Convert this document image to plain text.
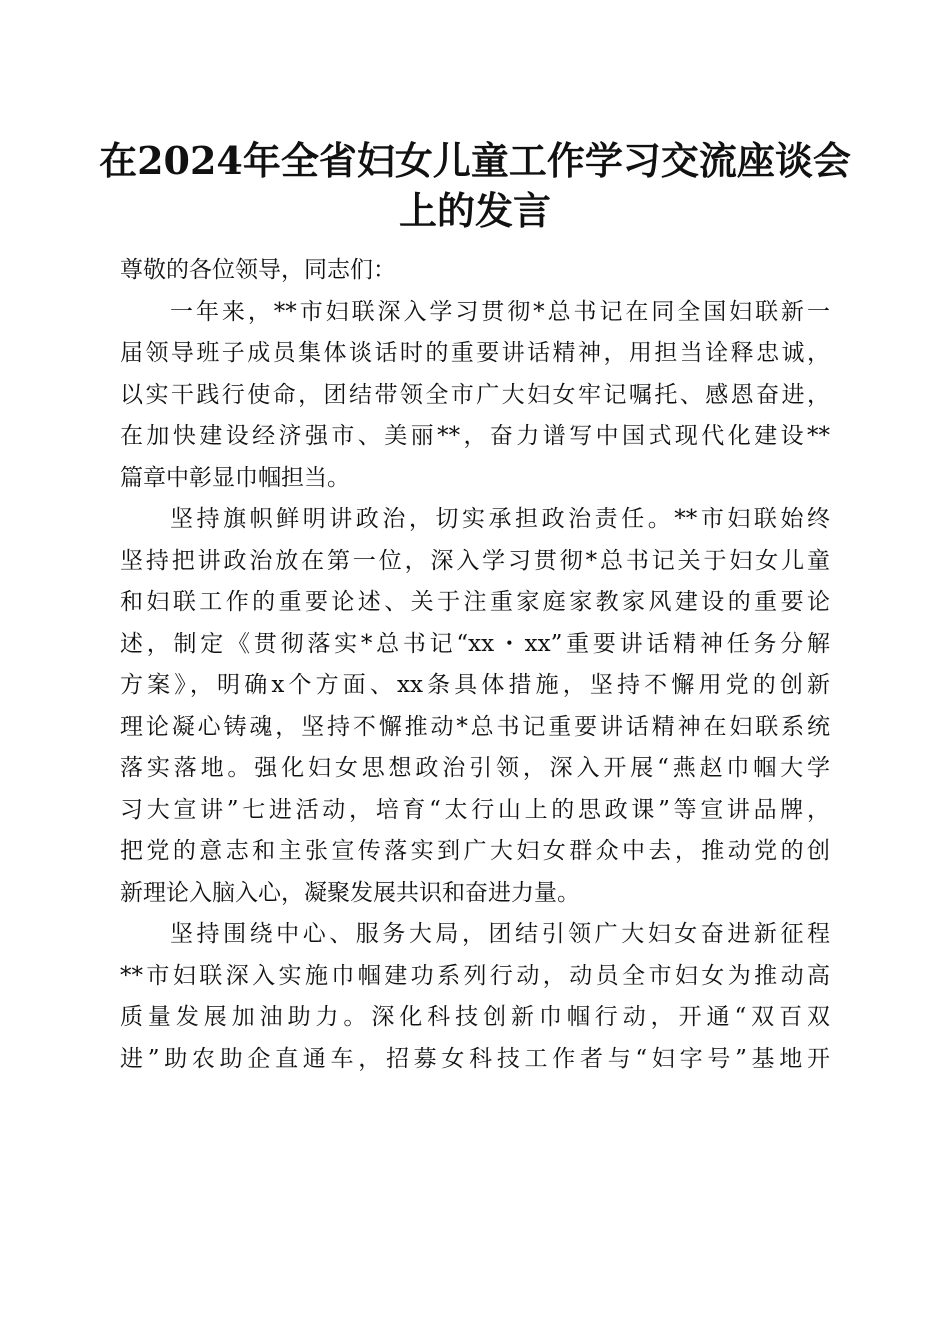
在2024年全省妇女儿童工作学习交流座谈会
上的发言
尊敬的各位领导，同志们：
一年来，**市妇联深入学习贯彻*总书记在同全国妇联新一
届领导班子成员集体谈话时的重要讲话精神，用担当诠释忠诚，
以实干践行使命，团结带领全市广大妇女牢记嘱托、感恩奋进，
在加快建设经济强市、美丽**，奋力谱写中国式现代化建设**
篇章中彰显巾帼担当。
坚持旗帜鲜明讲政治，切实承担政治责任。**市妇联始终
坚持把讲政治放在第一位，深入学习贯彻*总书记关于妇女儿童
和妇联工作的重要论述、关于注重家庭家教家风建设的重要论
述，制定《贯彻落实*总书记“xx・xx”重要讲话精神任务分解
方案》，明确x个方面、xx条具体措施，坚持不懈用党的创新
理论凝心铸魂，坚持不懈推动*总书记重要讲话精神在妇联系统
落实落地。强化妇女思想政治引领，深入开展“燕赵巾帼大学
习大宣讲”七进活动，培育“太行山上的思政课”等宣讲品牌，
把党的意志和主张宣传落实到广大妇女群众中去，推动党的创
新理论入脑入心，凝聚发展共识和奋进力量。
坚持围绕中心、服务大局，团结引领广大妇女奋进新征程
**市妇联深入实施巾帼建功系列行动，动员全市妇女为推动高
质量发展加油助力。深化科技创新巾帼行动，开通“双百双
进”助农助企直通车，招募女科技工作者与“妇字号”基地开
